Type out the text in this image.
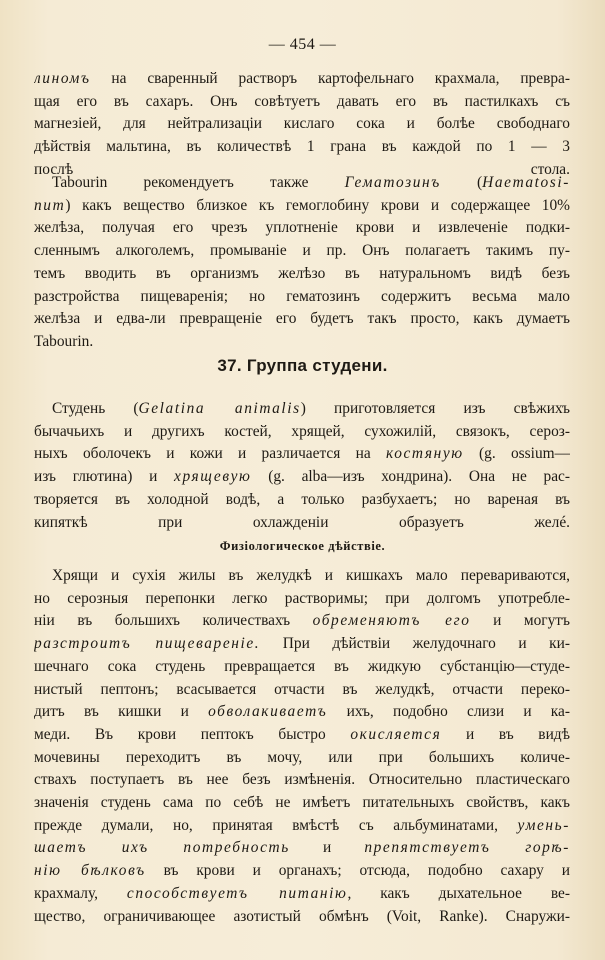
— 454 —
линомъ на сваренный растворъ картофельнаго крахмала, превра-
щая его въ сахаръ. Онъ совѣтуетъ давать его въ пастилкахъ съ
магнезiей, для нейтрализацiи кислаго сока и болѣе свободнаго
дѣйствiя мальтина, въ количествѣ 1 грана въ каждой по 1 — 3
послѣ стола.
Tabourin рекомендуетъ также Гематозинъ (Haematosi-
num) какъ вещество близкое къ гемоглобину крови и содержащее 10%
желѣза, получая его чрезъ уплотненiе крови и извлеченiе подки-
сленнымъ алкоголемъ, промыванiе и пр. Онъ полагаетъ такимъ пу-
темъ вводить въ организмъ желѣзо въ натуральномъ видѣ безъ
разстройства пищеваренiя; но гематозинъ содержитъ весьма мало
желѣза и едва-ли превращенiе его будетъ такъ просто, какъ думаетъ
Tabourin.
37. Группа студени.
Студень (Gelatina animalis) приготовляется изъ свѣжихъ
бычачьихъ и другихъ костей, хрящей, сухожилiй, связокъ, сероз-
ныхъ оболочекъ и кожи и различается на костяную (g. ossium—
изъ глютина) и хрящевую (g. alba—изъ хондрина). Она не рас-
творяется въ холодной водѣ, а только разбухаетъ; но вареная въ
кипяткѣ при охлажденiи образуетъ желé.
Физiологическое дѣйствiе.
Хрящи и сухiя жилы въ желудкѣ и кишкахъ мало перевариваются,
но серозныя перепонки легко растворимы; при долгомъ употребле-
нiи въ большихъ количествахъ обременяютъ его и могутъ
разстроитъ пищеваренiе. При дѣйствiи желудочнаго и ки-
шечнаго сока студень превращается въ жидкую субстанцiю—студе-
нистый пептонъ; всасывается отчасти въ желудкѣ, отчасти переко-
дитъ въ кишки и обволакиваетъ ихъ, подобно слизи и ка-
меди. Въ крови пептокъ быстро окисляется и въ видѣ
мочевины переходитъ въ мочу, или при большихъ количе-
ствахъ поступаетъ въ нее безъ измѣненiя. Относительно пластическаго
значенiя студень сама по себѣ не имѣетъ питательныхъ свойствъ, какъ
прежде думали, но, принятая вмѣстѣ съ альбуминатами, умень-
шаетъ ихъ потребность и препятствуетъ горѣ-
нiю бѣлковъ въ крови и органахъ; отсюда, подобно сахару и
крахмалу, способствуетъ питанiю, какъ дыхательное ве-
щество, ограничивающее азотистый обмѣнъ (Voit, Ranke). Снаружи-
